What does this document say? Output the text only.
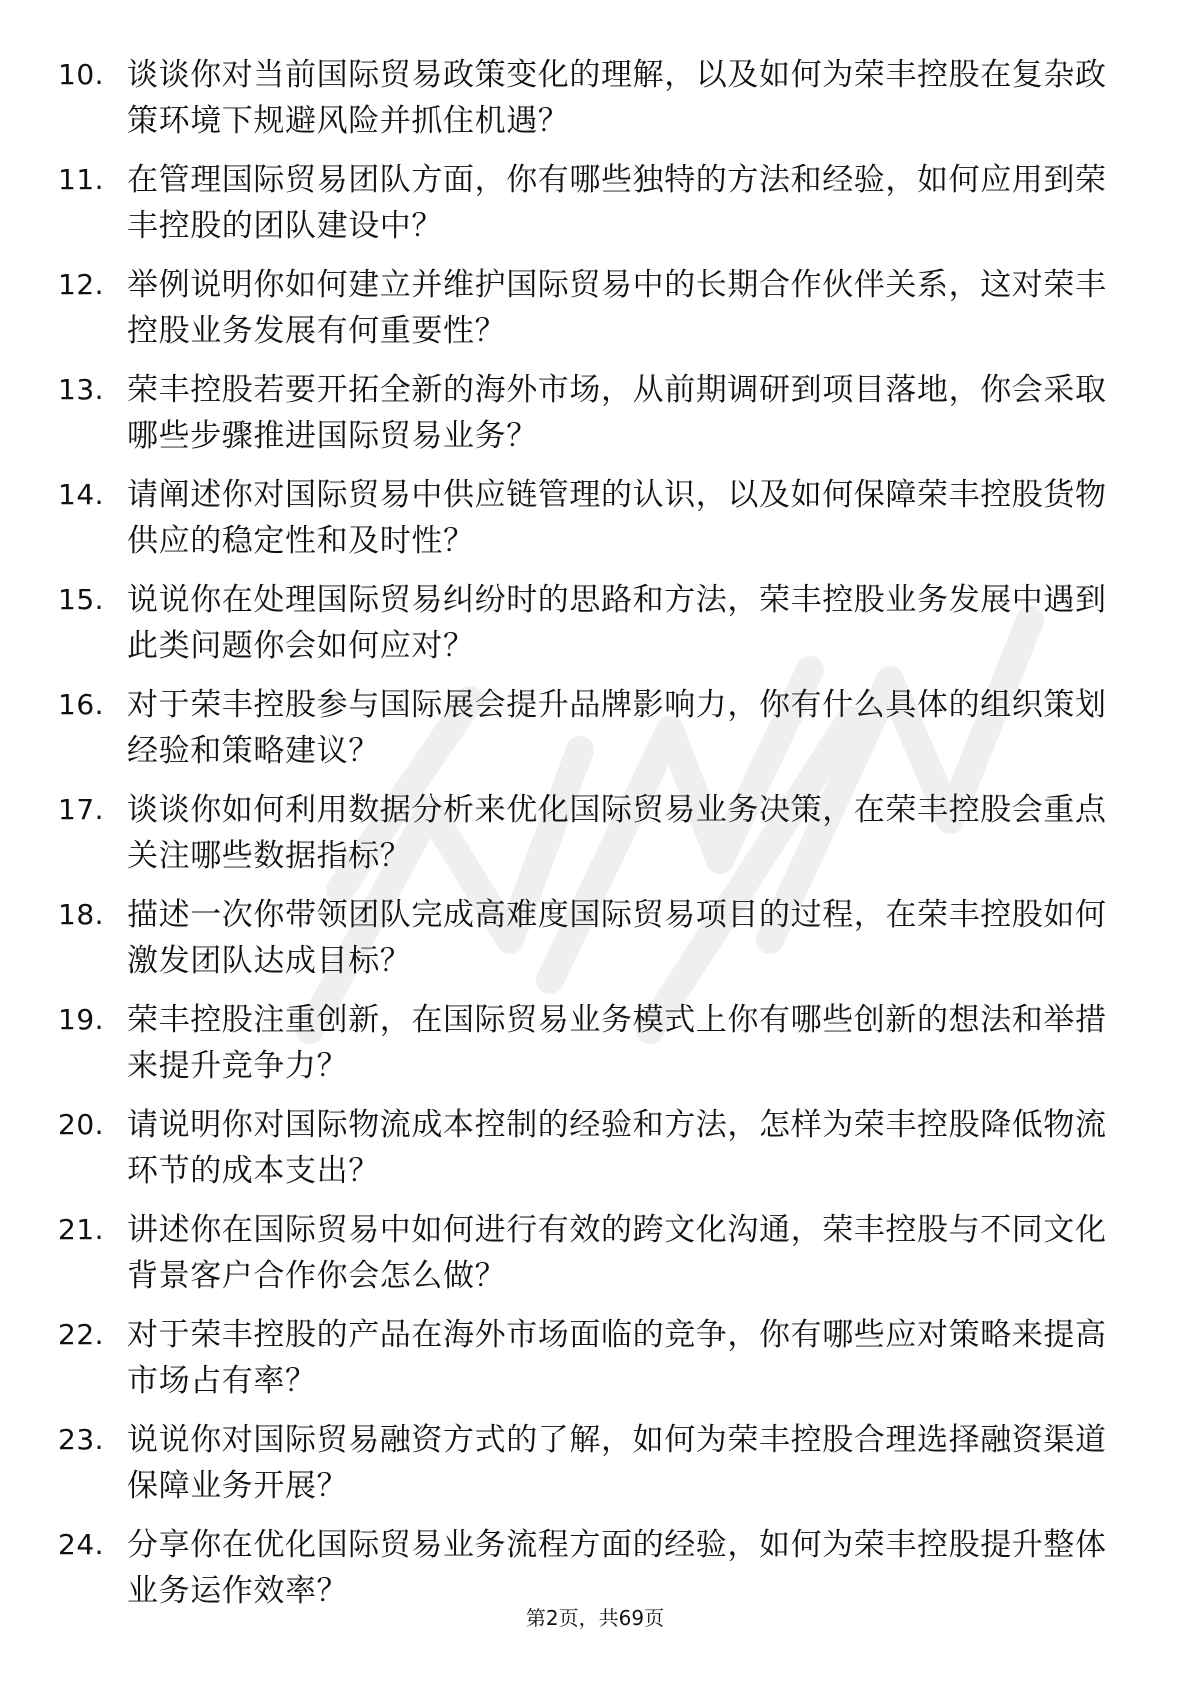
10. 谈谈你对当前国际贸易政策变化的理解，以及如何为荣丰控股在复杂政策环境下规避风险并抓住机遇？
11. 在管理国际贸易团队方面，你有哪些独特的方法和经验，如何应用到荣丰控股的团队建设中？
12. 举例说明你如何建立并维护国际贸易中的长期合作伙伴关系，这对荣丰控股业务发展有何重要性？
13. 荣丰控股若要开拓全新的海外市场，从前期调研到项目落地，你会采取哪些步骤推进国际贸易业务？
14. 请阐述你对国际贸易中供应链管理的认识，以及如何保障荣丰控股货物供应的稳定性和及时性？
15. 说说你在处理国际贸易纠纷时的思路和方法，荣丰控股业务发展中遇到此类问题你会如何应对？
16. 对于荣丰控股参与国际展会提升品牌影响力，你有什么具体的组织策划经验和策略建议？
17. 谈谈你如何利用数据分析来优化国际贸易业务决策，在荣丰控股会重点关注哪些数据指标？
18. 描述一次你带领团队完成高难度国际贸易项目的过程，在荣丰控股如何激发团队达成目标？
19. 荣丰控股注重创新，在国际贸易业务模式上你有哪些创新的想法和举措来提升竞争力？
20. 请说明你对国际物流成本控制的经验和方法，怎样为荣丰控股降低物流环节的成本支出？
21. 讲述你在国际贸易中如何进行有效的跨文化沟通，荣丰控股与不同文化背景客户合作你会怎么做？
22. 对于荣丰控股的产品在海外市场面临的竞争，你有哪些应对策略来提高市场占有率？
23. 说说你对国际贸易融资方式的了解，如何为荣丰控股合理选择融资渠道保障业务开展？
24. 分享你在优化国际贸易业务流程方面的经验，如何为荣丰控股提升整体业务运作效率？
第2页，共69页
